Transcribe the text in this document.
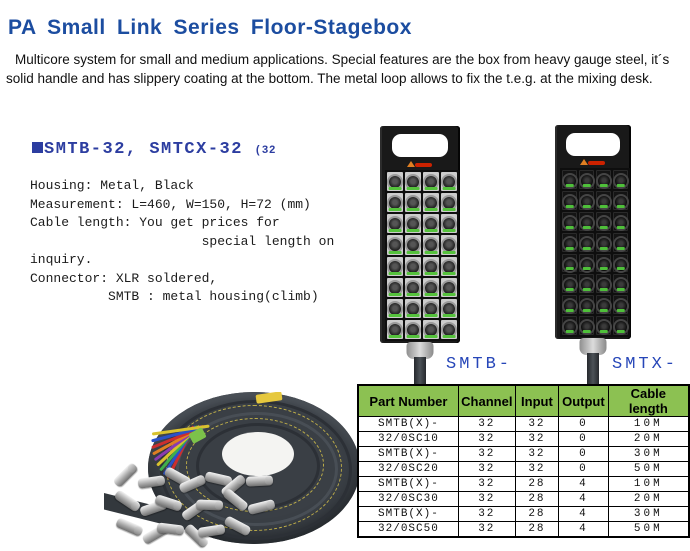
PA Small Link Series Floor-Stagebox

Multicore system for small and medium applications. Special features are the box from heavy gauge steel, it´s solid handle and has slippery coating at the bottom. The metal loop allows to fix the t.e.g. at the mixing desk.

SMTB-32, SMTCX-32 (32
Housing: Metal, Black
Measurement: L=460, W=150, H=72 (mm)
Cable length: You get prices for
special length on
inquiry.
Connector: XLR soldered,
SMTB : metal housing(climb)
SMTB-	SMTX-
Part Number	Channel	Input	Output	Cable length
SMTB(X)-	32	32	0	10M
32/0SC10	32	32	0	20M
SMTB(X)-	32	32	0	30M
32/0SC20	32	32	0	50M
SMTB(X)-	32	28	4	10M
32/0SC30	32	28	4	20M
SMTB(X)-	32	28	4	30M
32/0SC50	32	28	4	50M
